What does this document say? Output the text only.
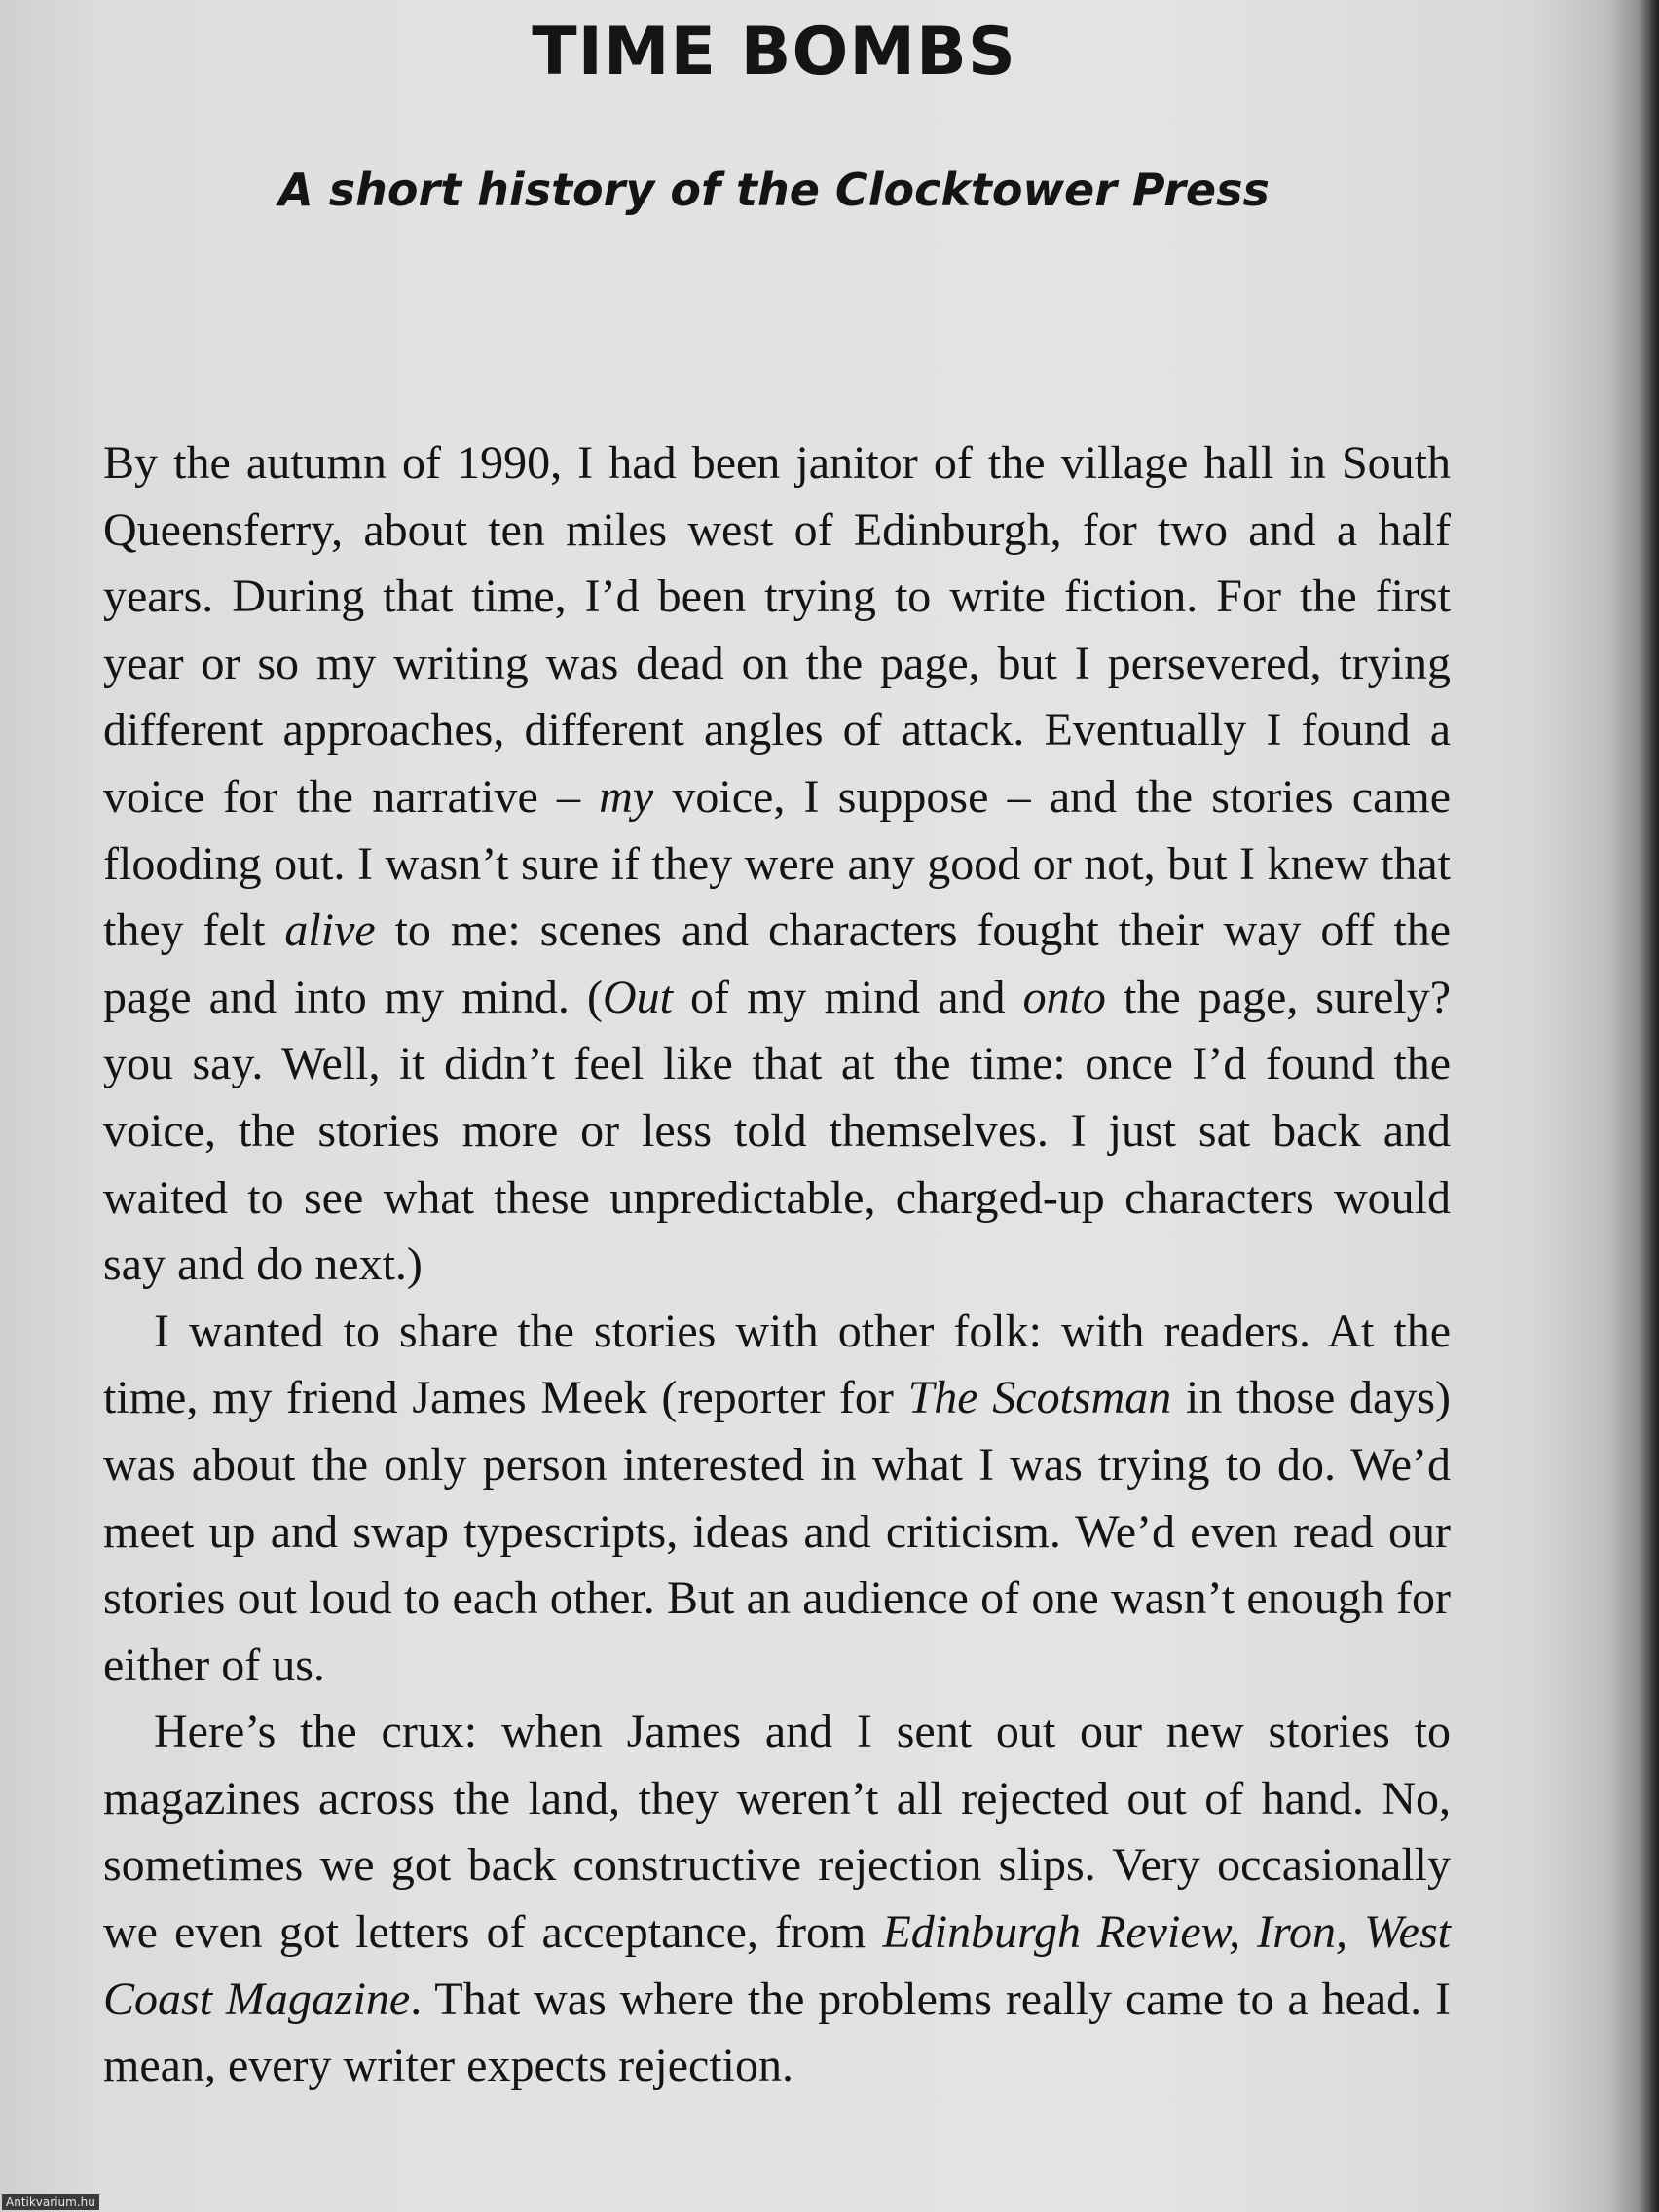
TIME BOMBS
A short history of the Clocktower Press

By the autumn of 1990, I had been janitor of the village hall in South Queensferry, about ten miles west of Edinburgh, for two and a half years. During that time, I’d been trying to write fiction. For the first year or so my writing was dead on the page, but I persevered, trying different approaches, different angles of attack. Eventually I found a voice for the narrative – my voice, I suppose – and the stories came flooding out. I wasn’t sure if they were any good or not, but I knew that they felt alive to me: scenes and characters fought their way off the page and into my mind. (Out of my mind and onto the page, surely? you say. Well, it didn’t feel like that at the time: once I’d found the voice, the stories more or less told themselves. I just sat back and waited to see what these unpredictable, charged-up characters would say and do next.)

I wanted to share the stories with other folk: with readers. At the time, my friend James Meek (reporter for The Scotsman in those days) was about the only person interested in what I was trying to do. We’d meet up and swap typescripts, ideas and criticism. We’d even read our stories out loud to each other. But an audience of one wasn’t enough for either of us.

Here’s the crux: when James and I sent out our new stories to magazines across the land, they weren’t all rejected out of hand. No, sometimes we got back constructive rejection slips. Very occasionally we even got letters of acceptance, from Edinburgh Review, Iron, West Coast Magazine. That was where the problems really came to a head. I mean, every writer expects rejection.

Antikvarium.hu
